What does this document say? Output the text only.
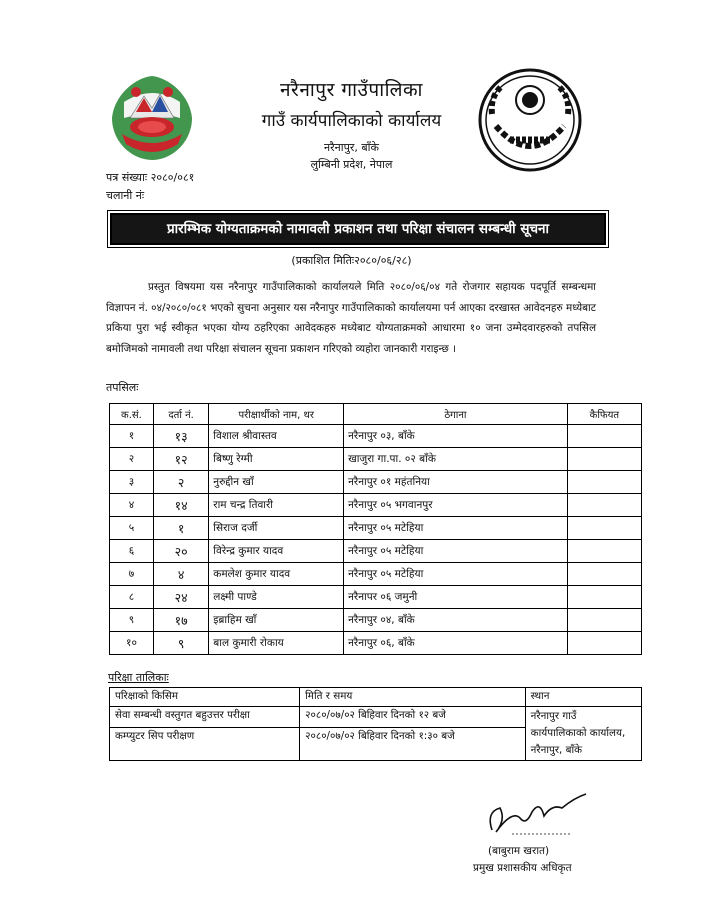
नरैनापुर गाउँपालिका
गाउँ कार्यपालिकाको कार्यालय
नरैनापुर, बाँके
लुम्बिनी प्रदेश, नेपाल
पत्र संख्याः २०८०/०८१
चलानी नंः
प्रारम्भिक योग्यताक्रमको नामावली प्रकाशन तथा परिक्षा संचालन सम्बन्धी सूचना
(प्रकाशित मितिः२०८०/०६/२८)
प्रस्तुत विषयमा यस नरैनापुर गाउँपालिकाको कार्यालयले मिति २०८०/०६/०४ गते रोजगार सहायक पदपूर्ति सम्बन्धमा विज्ञापन नं. ०४/२०८०/०८१ भएको सुचना अनुसार यस नरैनापुर गाउँपालिकाको कार्यालयमा पर्न आएका दरखास्त आवेदनहरु मध्येबाट प्रकिया पुरा भई स्वीकृत भएका योग्य ठहरिएका आवेदकहरु मध्येबाट योग्यताक्रमको आधारमा १० जना उम्मेदवारहरुको तपसिल बमोजिमको नामावली तथा परिक्षा संचालन सूचना प्रकाशन गरिएको व्यहोरा जानकारी गराइन्छ ।
तपसिलः
क.सं.	दर्ता नं.	परीक्षार्थीको नाम, थर	ठेगाना	कैफियत
१	१३	विशाल श्रीवास्तव	नरैनापुर ०३, बाँके	
२	१२	बिष्णु रेग्मी	खाजुरा गा.पा. ०२ बाँके	
३	२	नुरुद्दीन खाँ	नरैनापुर ०१ महंतनिया	
४	१४	राम चन्द्र तिवारी	नरैनापुर ०५ भगवानपुर	
५	१	सिराज दर्जी	नरैनापुर ०५ मटेहिया	
६	२०	विरेन्द्र कुमार यादव	नरैनापुर ०५ मटेहिया	
७	४	कमलेश कुमार यादव	नरैनापुर ०५ मटेहिया	
८	२४	लक्ष्मी पाण्डे	नरैनापर ०६ जमुनी	
९	१७	इब्राहिम खाँ	नरैनापुर ०४, बाँके	
१०	९	बाल कुमारी रोकाय	नरैनापुर ०६, बाँके	
परिक्षा तालिकाः
परिक्षाको किसिम	मिति र समय	स्थान
सेवा सम्बन्धी वस्तुगत बहुउत्तर परीक्षा	२०८०/०७/०२ बिहिवार दिनको १२ बजे	नरैनापुर गाउँ
कार्यपालिकाको कार्यालय, नरैनापुर, बाँके
कम्प्युटर सिप परीक्षण	२०८०/०७/०२ बिहिवार दिनको १:३० बजे	
(बाबुराम खरात)
प्रमुख प्रशासकीय अधिकृत
